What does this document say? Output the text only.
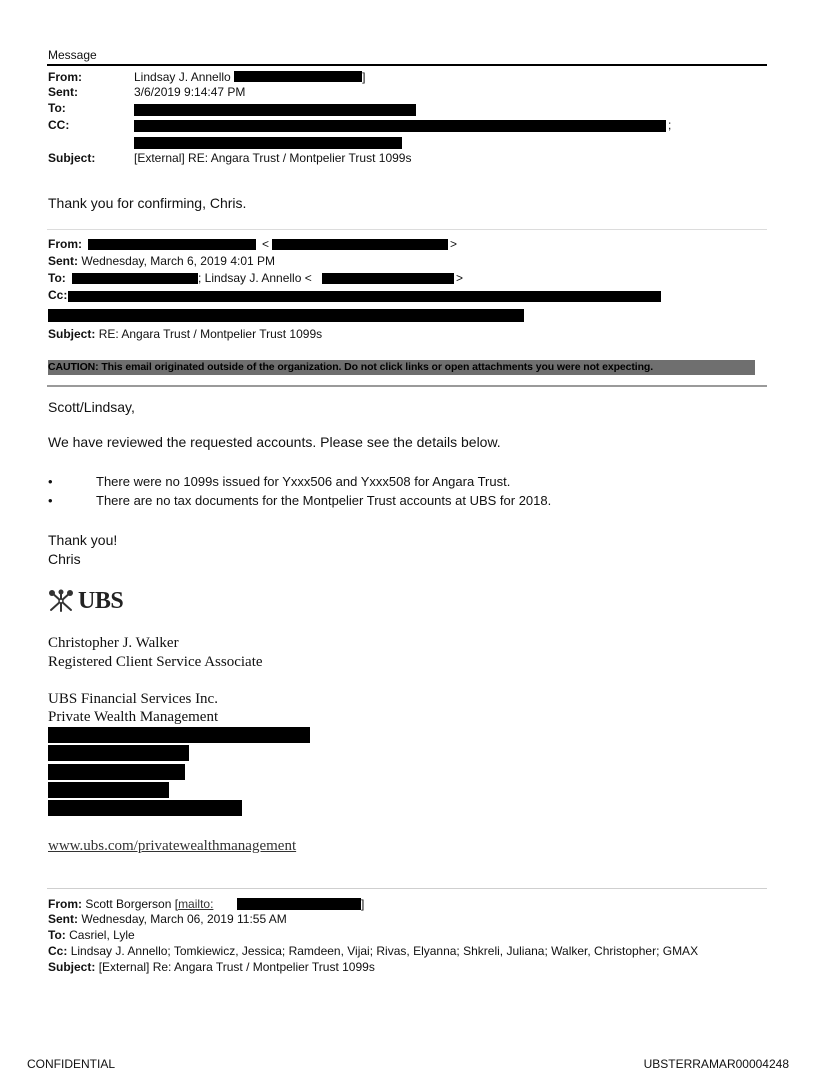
Message
From:	Lindsay J. Annello	]
Sent:	3/6/2019 9:14:47 PM
To:
CC:	;
Subject:	[External] RE: Angara Trust / Montpelier Trust 1099s
Thank you for confirming, Chris.
From:	<	>
Sent: Wednesday, March 6, 2019 4:01 PM
To:	; Lindsay J. Annello <	>
Cc:
Subject: RE: Angara Trust / Montpelier Trust 1099s
CAUTION: This email originated outside of the organization. Do not click links or open attachments you were not expecting.
Scott/Lindsay,
We have reviewed the requested accounts. Please see the details below.
•	There were no 1099s issued for Yxxx506 and Yxxx508 for Angara Trust.
•	There are no tax documents for the Montpelier Trust accounts at UBS for 2018.
Thank you!
Chris
UBS
Christopher J. Walker
Registered Client Service Associate
UBS Financial Services Inc.
Private Wealth Management
www.ubs.com/privatewealthmanagement
From: Scott Borgerson [mailto:	]
Sent: Wednesday, March 06, 2019 11:55 AM
To: Casriel, Lyle
Cc: Lindsay J. Annello; Tomkiewicz, Jessica; Ramdeen, Vijai; Rivas, Elyanna; Shkreli, Juliana; Walker, Christopher; GMAX
Subject: [External] Re: Angara Trust / Montpelier Trust 1099s
CONFIDENTIAL	UBSTERRAMAR00004248
